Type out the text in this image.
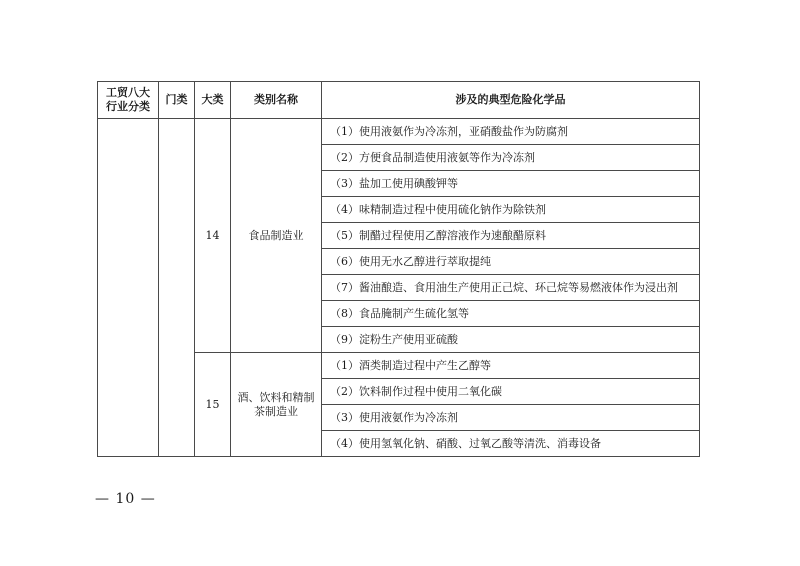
工贸八大
行业分类	门类	大类	类别名称	涉及的典型危险化学品
		14	食品制造业	（1）使用液氨作为冷冻剂，亚硝酸盐作为防腐剂
				（2）方便食品制造使用液氨等作为冷冻剂
				（3）盐加工使用碘酸钾等
				（4）味精制造过程中使用硫化钠作为除铁剂
				（5）制醋过程使用乙醇溶液作为速酿醋原料
				（6）使用无水乙醇进行萃取提纯
				（7）酱油酿造、食用油生产使用正己烷、环己烷等易燃液体作为浸出剂
				（8）食品腌制产生硫化氢等
				（9）淀粉生产使用亚硫酸
		15	酒、饮料和精制
茶制造业	（1）酒类制造过程中产生乙醇等
				（2）饮料制作过程中使用二氧化碳
				（3）使用液氨作为冷冻剂
				（4）使用氢氧化钠、硝酸、过氧乙酸等清洗、消毒设备
— 10 —
